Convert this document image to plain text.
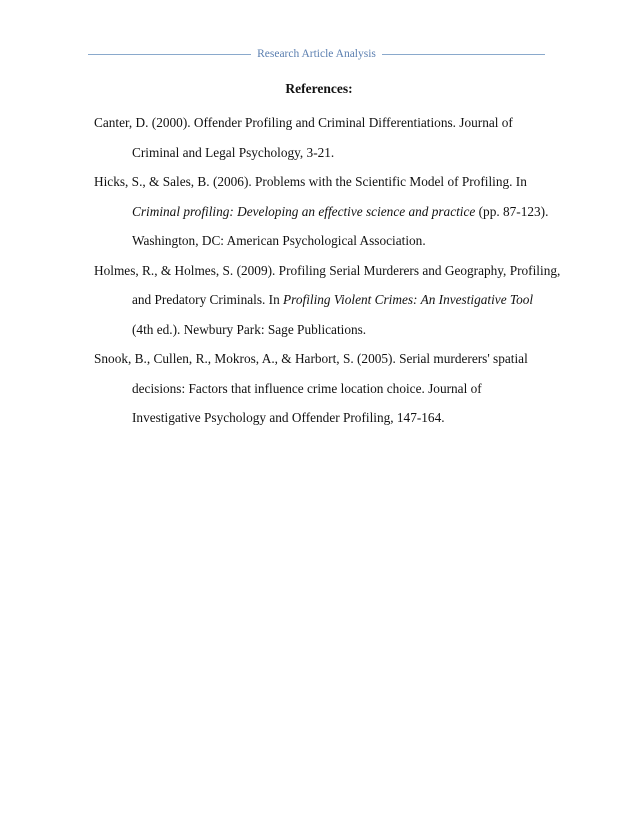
Research Article Analysis
References:
Canter, D. (2000). Offender Profiling and Criminal Differentiations. Journal of
Criminal and Legal Psychology, 3-21.
Hicks, S., & Sales, B. (2006). Problems with the Scientific Model of Profiling. In
Criminal profiling: Developing an effective science and practice (pp. 87-123).
Washington, DC: American Psychological Association.
Holmes, R., & Holmes, S. (2009). Profiling Serial Murderers and Geography, Profiling,
and Predatory Criminals. In Profiling Violent Crimes: An Investigative Tool
(4th ed.). Newbury Park: Sage Publications.
Snook, B., Cullen, R., Mokros, A., & Harbort, S. (2005). Serial murderers' spatial
decisions: Factors that influence crime location choice. Journal of
Investigative Psychology and Offender Profiling, 147-164.
